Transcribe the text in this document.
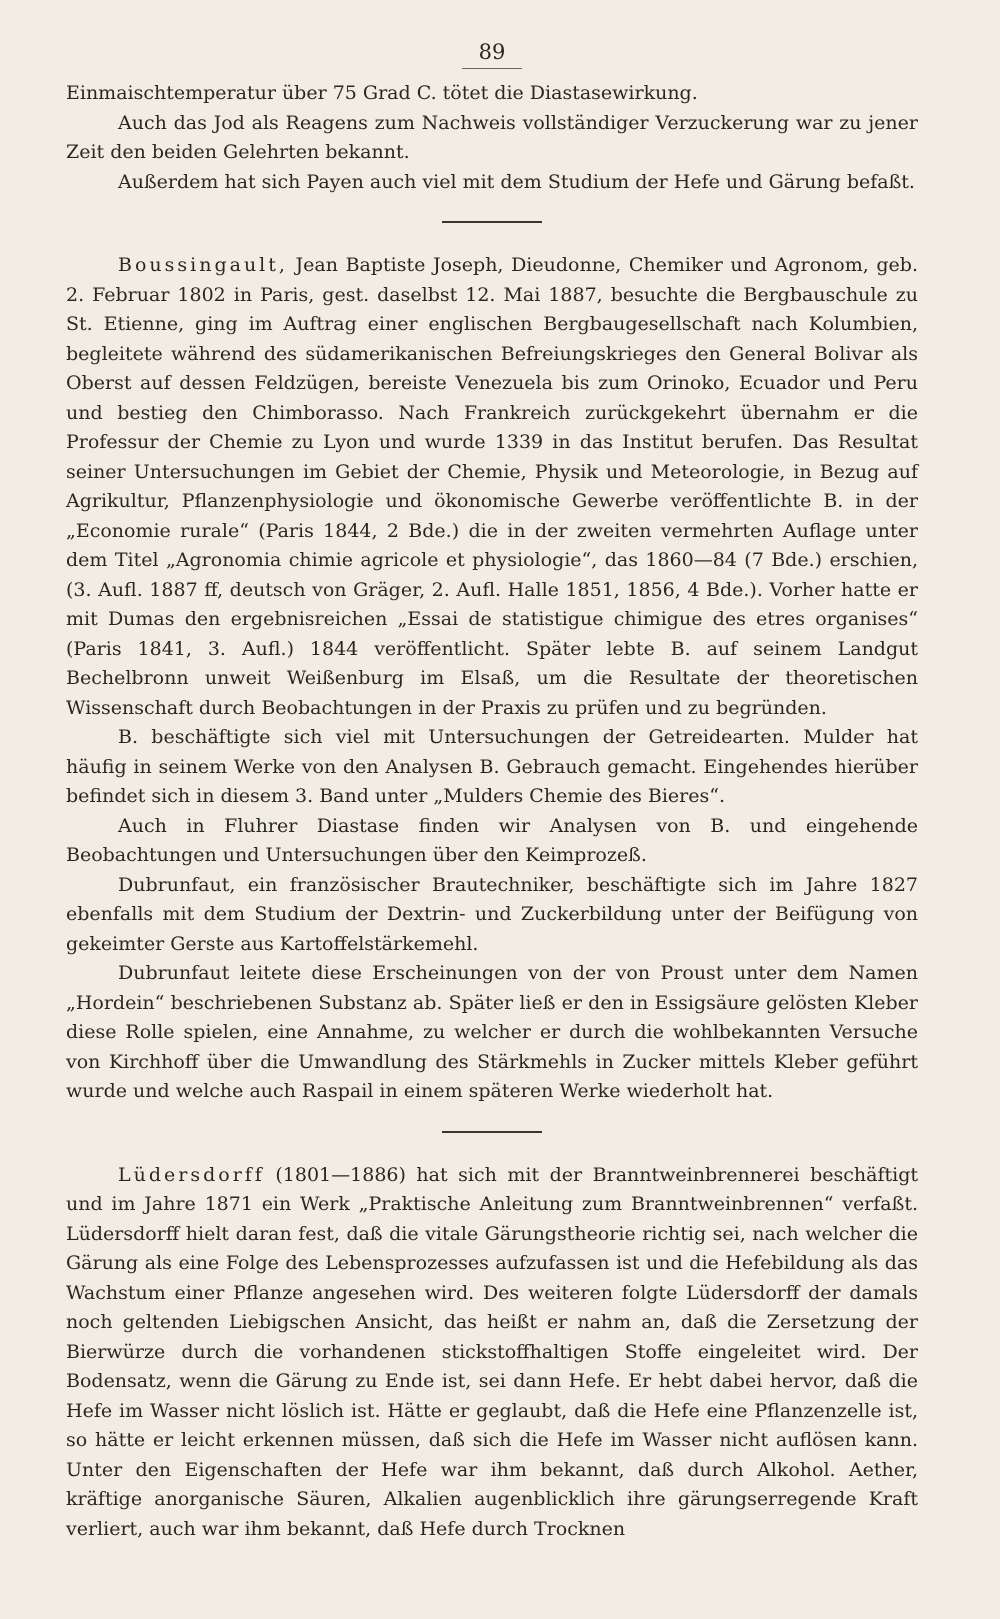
89

Einmaischtemperatur über 75 Grad C. tötet die Diastasewirkung.

Auch das Jod als Reagens zum Nachweis vollständiger Verzuckerung war zu jener Zeit den beiden Gelehrten bekannt.

Außerdem hat sich Payen auch viel mit dem Studium der Hefe und Gärung befaßt.

Boussingault, Jean Baptiste Joseph, Dieudonne, Chemiker und Agronom, geb. 2. Februar 1802 in Paris, gest. daselbst 12. Mai 1887, besuchte die Bergbauschule zu St. Etienne, ging im Auftrag einer englischen Bergbaugesellschaft nach Kolumbien, begleitete während des südamerikanischen Befreiungskrieges den General Bolivar als Oberst auf dessen Feldzügen, bereiste Venezuela bis zum Orinoko, Ecuador und Peru und bestieg den Chimborasso. Nach Frankreich zurückgekehrt übernahm er die Professur der Chemie zu Lyon und wurde 1339 in das Institut berufen. Das Resultat seiner Untersuchungen im Gebiet der Chemie, Physik und Meteorologie, in Bezug auf Agrikultur, Pflanzenphysiologie und ökonomische Gewerbe veröffentlichte B. in der „Economie rurale“ (Paris 1844, 2 Bde.) die in der zweiten vermehrten Auflage unter dem Titel „Agronomia chimie agricole et physiologie“, das 1860—84 (7 Bde.) erschien, (3. Aufl. 1887 ff, deutsch von Gräger, 2. Aufl. Halle 1851, 1856, 4 Bde.). Vorher hatte er mit Dumas den ergebnisreichen „Essai de statistigue chimigue des etres organises“ (Paris 1841, 3. Aufl.) 1844 veröffentlicht. Später lebte B. auf seinem Landgut Bechelbronn unweit Weißenburg im Elsaß, um die Resultate der theoretischen Wissenschaft durch Beobachtungen in der Praxis zu prüfen und zu begründen.

B. beschäftigte sich viel mit Untersuchungen der Getreidearten. Mulder hat häufig in seinem Werke von den Analysen B. Gebrauch gemacht. Eingehendes hierüber befindet sich in diesem 3. Band unter „Mulders Chemie des Bieres“.

Auch in Fluhrer Diastase finden wir Analysen von B. und eingehende Beobachtungen und Untersuchungen über den Keimprozeß.

Dubrunfaut, ein französischer Brautechniker, beschäftigte sich im Jahre 1827 ebenfalls mit dem Studium der Dextrin- und Zuckerbildung unter der Beifügung von gekeimter Gerste aus Kartoffelstärkemehl.

Dubrunfaut leitete diese Erscheinungen von der von Proust unter dem Namen „Hordein“ beschriebenen Substanz ab. Später ließ er den in Essigsäure gelösten Kleber diese Rolle spielen, eine Annahme, zu welcher er durch die wohlbekannten Versuche von Kirchhoff über die Umwandlung des Stärkmehls in Zucker mittels Kleber geführt wurde und welche auch Raspail in einem späteren Werke wiederholt hat.

Lüdersdorff (1801—1886) hat sich mit der Branntweinbrennerei beschäftigt und im Jahre 1871 ein Werk „Praktische Anleitung zum Branntweinbrennen“ verfaßt. Lüdersdorff hielt daran fest, daß die vitale Gärungstheorie richtig sei, nach welcher die Gärung als eine Folge des Lebensprozesses aufzufassen ist und die Hefebildung als das Wachstum einer Pflanze angesehen wird. Des weiteren folgte Lüdersdorff der damals noch geltenden Liebigschen Ansicht, das heißt er nahm an, daß die Zersetzung der Bierwürze durch die vorhandenen stickstoffhaltigen Stoffe eingeleitet wird. Der Bodensatz, wenn die Gärung zu Ende ist, sei dann Hefe. Er hebt dabei hervor, daß die Hefe im Wasser nicht löslich ist. Hätte er geglaubt, daß die Hefe eine Pflanzenzelle ist, so hätte er leicht erkennen müssen, daß sich die Hefe im Wasser nicht auflösen kann. Unter den Eigenschaften der Hefe war ihm bekannt, daß durch Alkohol. Aether, kräftige anorganische Säuren, Alkalien augenblicklich ihre gärungserregende Kraft verliert, auch war ihm bekannt, daß Hefe durch Trocknen
